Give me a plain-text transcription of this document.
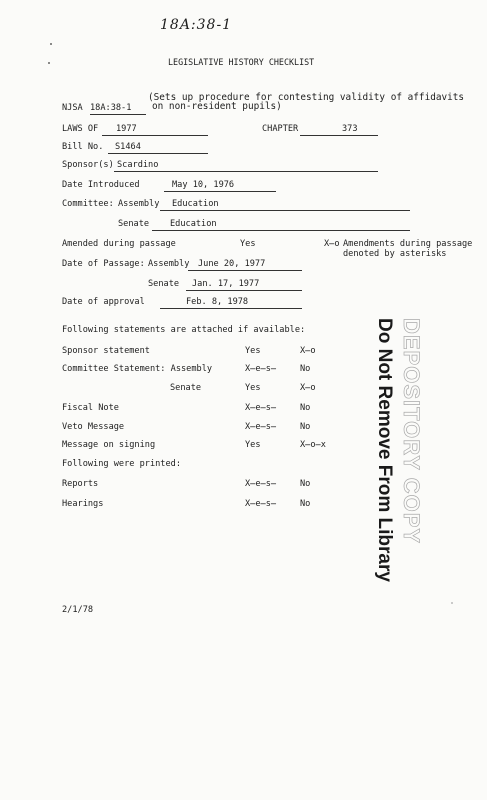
18A:38-1
LEGISLATIVE HISTORY CHECKLIST
(Sets up procedure for contesting validity of affidavits
NJSA 18A:38-1 on non-resident pupils)
LAWS OF 1977	CHAPTER	373
Bill No. S1464
Sponsor(s) Scardino
Date Introduced	May 10, 1976
Committee: Assembly Education
Senate Education
Amended during passage	Yes	X̶o Amendments during passage
denoted by asterisks
Date of Passage: Assembly June 20, 1977
Senate Jan. 17, 1977
Date of approval	Feb. 8, 1978
Following statements are attached if available:
Sponsor statement	Yes	X̶o
Committee Statement: Assembly	X̶e̶s̶	No
Senate	Yes	X̶o
Fiscal Note	X̶e̶s̶	No
Veto Message	X̶e̶s̶	No
Message on signing	Yes	X̶o̶x
Following were printed:
Reports	X̶e̶s̶	No
Hearings	X̶e̶s̶	No	DEPOSITORY COPY
Do Not Remove From Library
2/1/78
